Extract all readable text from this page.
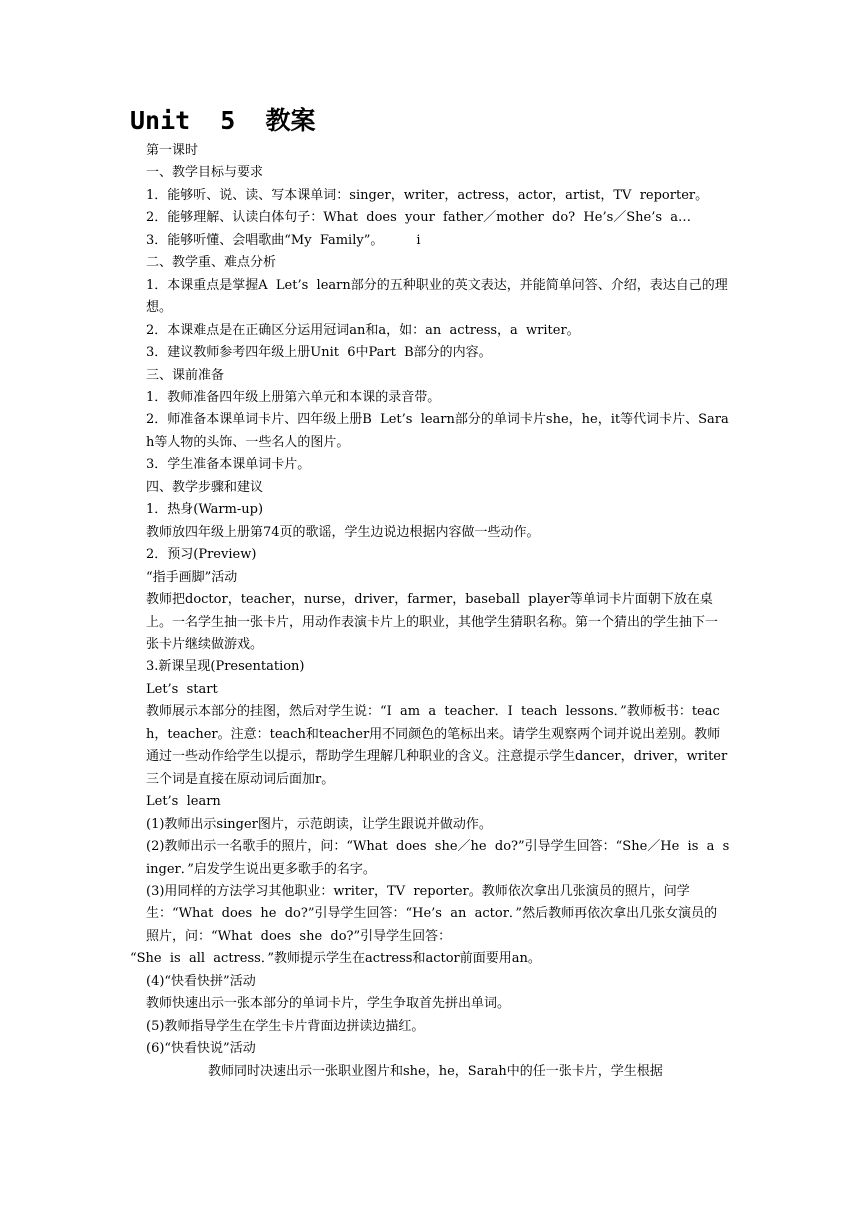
Unit  5  教案

第一课时

一、教学目标与要求

1．能够听、说、读、写本课单词：singer，writer，actress，actor，artist，TV  reporter。

2．能够理解、认读白体句子：What  does  your  father／mother  do?  He’s／She’s  a…

3．能够听懂、会唱歌曲“My  Family”。        i

二、教学重、难点分析

1．本课重点是掌握A  Let’s  learn部分的五种职业的英文表达，并能简单问答、介绍，表达自己的理想。

2．本课难点是在正确区分运用冠词an和a，如：an  actress，a  writer。

3．建议教师参考四年级上册Unit  6中Part  B部分的内容。

三、课前准备

1．教师准备四年级上册第六单元和本课的录音带。

2．师准备本课单词卡片、四年级上册B  Let’s  learn部分的单词卡片she，he，it等代词卡片、Sarah等人物的头饰、一些名人的图片。

3．学生准备本课单词卡片。

四、教学步骤和建议

1．热身(Warm-up)

教师放四年级上册第74页的歌谣，学生边说边根据内容做一些动作。

2．预习(Preview)

“指手画脚”活动

教师把doctor，teacher，nurse，driver，farmer，baseball  player等单词卡片面朝下放在桌上。一名学生抽一张卡片，用动作表演卡片上的职业，其他学生猜职名称。第一个猜出的学生抽下一张卡片继续做游戏。

3.新课呈现(Presentation)

Let’s  start

教师展示本部分的挂图，然后对学生说：“I  am  a  teacher．I  teach  lessons．”教师板书：teach，teacher。注意：teach和teacher用不同颜色的笔标出来。请学生观察两个词并说出差别。教师通过一些动作给学生以提示，帮助学生理解几种职业的含义。注意提示学生dancer，driver，writer三个词是直接在原动词后面加r。

Let’s  learn

(1)教师出示singer图片，示范朗读，让学生跟说并做动作。

(2)教师出示一名歌手的照片，问：“What  does  she／he  do?”引导学生回答：“She／He  is  a  singer．”启发学生说出更多歌手的名字。

(3)用同样的方法学习其他职业：writer，TV  reporter。教师依次拿出几张演员的照片，问学生：“What  does  he  do?”引导学生回答：“He’s  an  actor．”然后教师再依次拿出几张女演员的照片，问：“What  does  she  do?”引导学生回答：

“She  is  all  actress．”教师提示学生在actress和actor前面要用an。

(4)“快看快拼”活动

教师快速出示一张本部分的单词卡片，学生争取首先拼出单词。

(5)教师指导学生在学生卡片背面边拼读边描红。

(6)“快看快说”活动

教师同时决速出示一张职业图片和she，he，Sarah中的任一张卡片，学生根据
